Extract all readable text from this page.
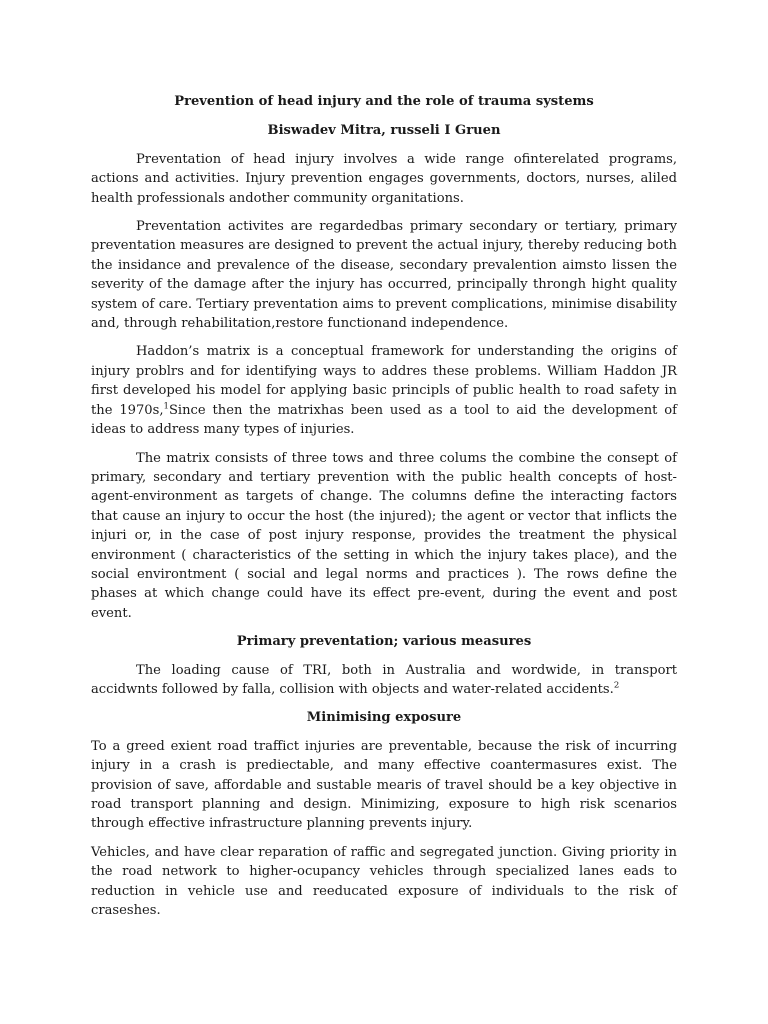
Prevention of head injury and the role of trauma systems
Biswadev Mitra, russeli I Gruen

Preventation of head injury involves a wide range ofinterelated programs, actions and activities. Injury prevention engages governments, doctors, nurses, aliled health professionals andother community organitations.

Preventation activites are regardedbas primary secondary or tertiary, primary preventation measures are designed to prevent the actual injury, thereby reducing both the insidance and prevalence of the disease, secondary prevalention aimsto lissen the severity of the damage after the injury has occurred, principally throngh hight quality system of care. Tertiary preventation aims to prevent complications, minimise disability and, through rehabilitation,restore functionand independence.

Haddon’s matrix is a conceptual framework for understanding the origins of injury problrs and for identifying ways to addres these problems. William Haddon JR first developed his model for applying basic principls of public health to road safety in the 1970s,$^1$Since then the matrixhas been used as a tool to aid the development of ideas to address many types of injuries.

The matrix consists of three tows and three colums the combine the consept of primary, secondary and tertiary prevention with the public health concepts of host-agent-environment as targets of change. The columns define the interacting factors that cause an injury to occur the host (the injured); the agent or vector that inflicts the injuri or, in the case of post injury response, provides the treatment the physical environment ( characteristics of the setting in which the injury takes place), and the social environtment ( social and legal norms and practices ). The rows define the phases at which change could have its effect pre-event, during the event and post event.

Primary preventation; various measures

The loading cause of TRI, both in Australia and wordwide, in transport accidwnts followed by falla, collision with objects and water-related accidents.$^2$

Minimising exposure

To a greed exient road traffict injuries are preventable, because the risk of incurring injury in a crash is prediectable, and many effective coantermasures exist. The provision of save, affordable and sustable mearis of travel should be a key objective in road transport planning and design. Minimizing, exposure to high risk scenarios through effective infrastructure planning prevents injury.

Vehicles, and have clear reparation of raffic and segregated junction. Giving priority in the road network to higher-ocupancy vehicles through specialized lanes eads to reduction in vehicle use and reeducated exposure of individuals to the risk of craseshes.
